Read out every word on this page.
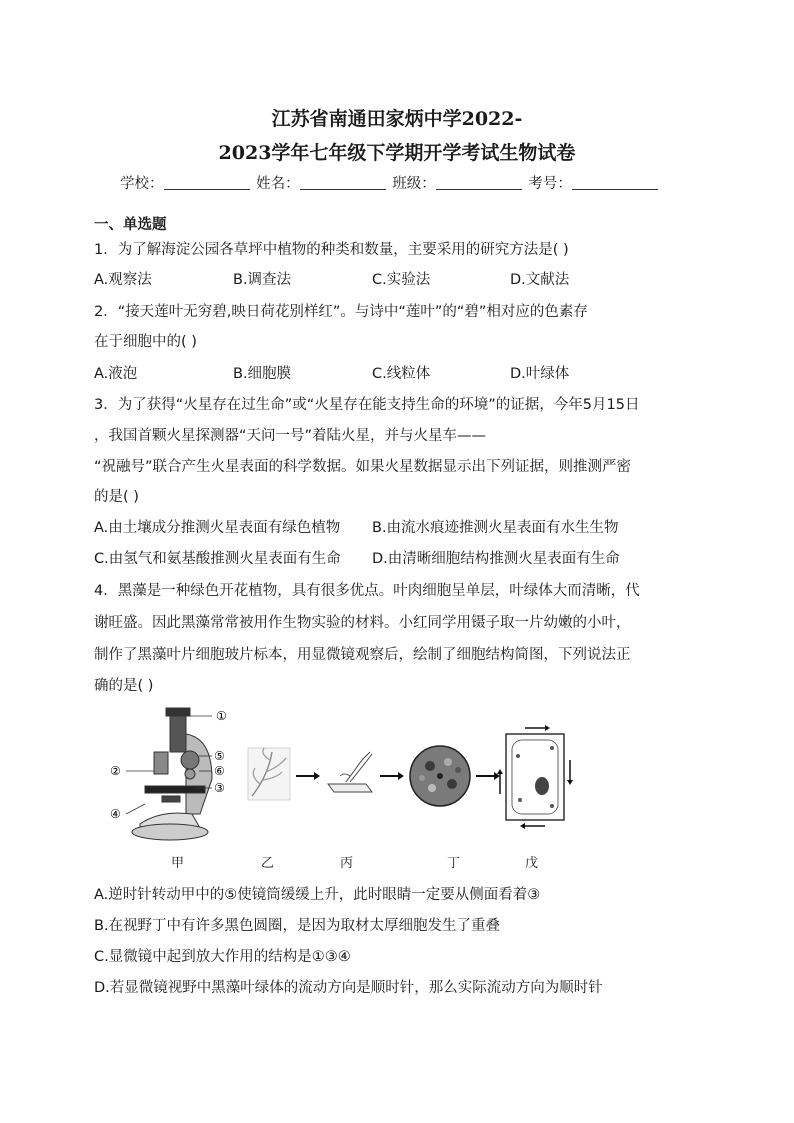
江苏省南通田家炳中学2022-
2023学年七年级下学期开学考试生物试卷
学校：	姓名：	班级：	考号：
一、单选题
1．为了解海淀公园各草坪中植物的种类和数量，主要采用的研究方法是( )
A.观察法	B.调查法	C.实验法	D.文献法
2．“接天莲叶无穷碧,映日荷花别样红”。与诗中“莲叶”的“碧”相对应的色素存
在于细胞中的( )
A.液泡	B.细胞膜	C.线粒体	D.叶绿体
3．为了获得“火星存在过生命”或“火星存在能支持生命的环境”的证据，今年5月15日
，我国首颗火星探测器“天问一号”着陆火星，并与火星车——
“祝融号”联合产生火星表面的科学数据。如果火星数据显示出下列证据，则推测严密
的是( )
A.由土壤成分推测火星表面有绿色植物 B.由流水痕迹推测火星表面有水生生物
C.由氢气和氨基酸推测火星表面有生命 D.由清晰细胞结构推测火星表面有生命
4．黑藻是一种绿色开花植物，具有很多优点。叶肉细胞呈单层，叶绿体大而清晰，代
谢旺盛。因此黑藻常常被用作生物实验的材料。小红同学用镊子取一片幼嫩的小叶，
制作了黑藻叶片细胞玻片标本，用显微镜观察后，绘制了细胞结构简图，下列说法正
确的是( )
①
⑤
⑥
③
②
④
甲	乙	丙	丁	戊
A.逆时针转动甲中的⑤使镜筒缓缓上升，此时眼睛一定要从侧面看着③
B.在视野丁中有许多黑色圆圈，是因为取材太厚细胞发生了重叠
C.显微镜中起到放大作用的结构是①③④
D.若显微镜视野中黑藻叶绿体的流动方向是顺时针，那么实际流动方向为顺时针
